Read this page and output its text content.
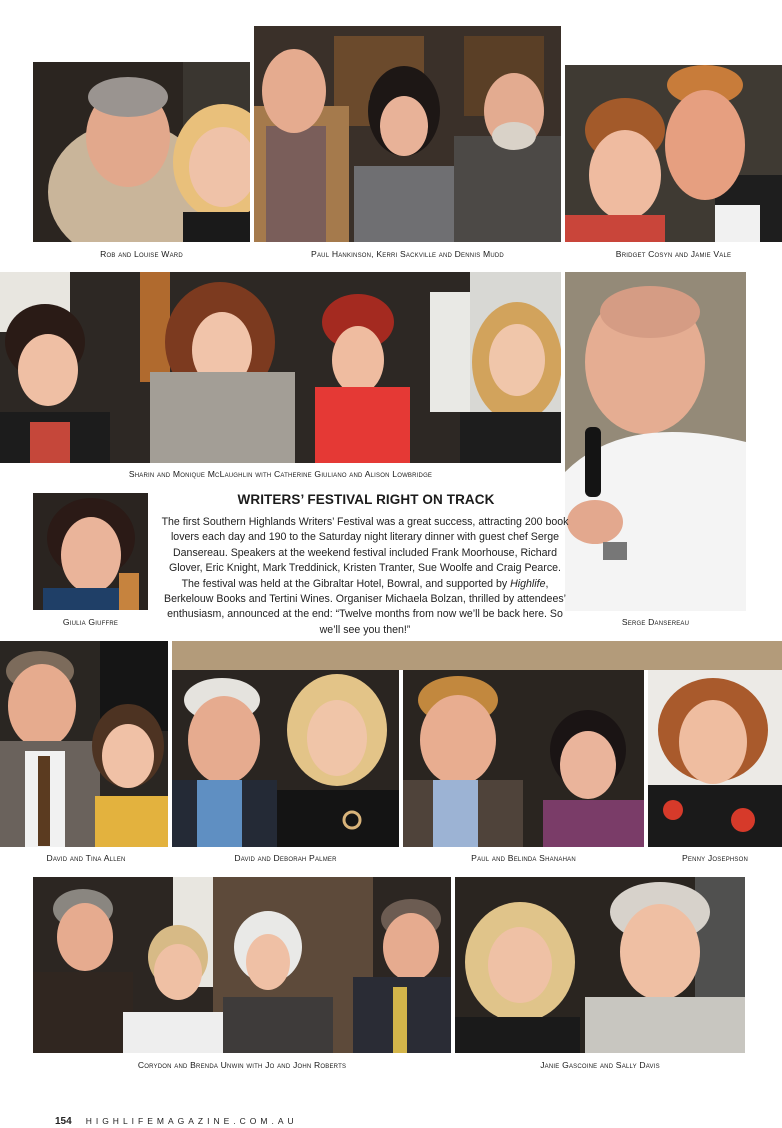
Rob and Louise Ward	Paul Hankinson, Kerri Sackville and Dennis Mudd	Bridget Cosyn and Jamie Vale
Sharin and Monique McLaughlin with Catherine Giuliano and Alison Lowbridge
WRITERS’ FESTIVAL RIGHT ON TRACK
The first Southern Highlands Writers’ Festival was a great success, attracting 200 book lovers each day and 190 to the Saturday night literary dinner with guest chef Serge Dansereau. Speakers at the weekend festival included Frank Moorhouse, Richard Glover, Eric Knight, Mark Treddinick, Kristen Tranter, Sue Woolfe and Craig Pearce. The festival was held at the Gibraltar Hotel, Bowral, and supported by Highlife, Berkelouw Books and Tertini Wines. Organiser Michaela Bolzan, thrilled by attendees’ enthusiasm, announced at the end: “Twelve months from now we’ll be back here. So we’ll see you then!”
Giulia Giuffre	Serge Dansereau
David and Tina Allen	David and Deborah Palmer	Paul and Belinda Shanahan	Penny Josephson
Corydon and Brenda Unwin with Jo and John Roberts	Janie Gascoine and Sally Davis
154 HIGHLIFEMAGAZINE.COM.AU
